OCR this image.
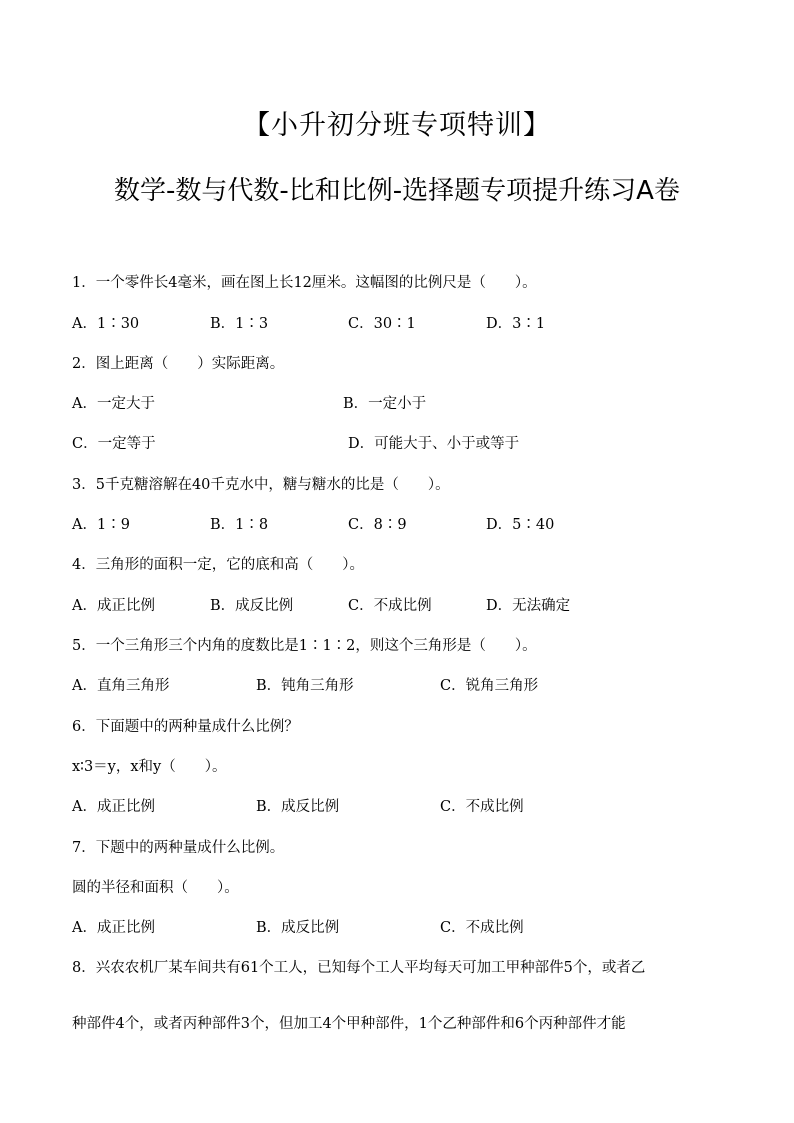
【小升初分班专项特训】
数学-数与代数-比和比例-选择题专项提升练习A卷
1．一个零件长4毫米，画在图上长12厘米。这幅图的比例尺是（　　）。
A．1∶30	B．1∶3	C．30∶1	D．3∶1
2．图上距离（　　）实际距离。
A．一定大于	B．一定小于
C．一定等于	D．可能大于、小于或等于
3．5千克糖溶解在40千克水中，糖与糖水的比是（　　）。
A．1∶9	B．1∶8	C．8∶9	D．5∶40
4．三角形的面积一定，它的底和高（　　）。
A．成正比例	B．成反比例	C．不成比例	D．无法确定
5．一个三角形三个内角的度数比是1∶1∶2，则这个三角形是（　　）。
A．直角三角形	B．钝角三角形	C．锐角三角形
6．下面题中的两种量成什么比例？
x∶3＝y，x和y（　　）。
A．成正比例	B．成反比例	C．不成比例
7．下题中的两种量成什么比例。
圆的半径和面积（　　）。
A．成正比例	B．成反比例	C．不成比例
8．兴农农机厂某车间共有61个工人，已知每个工人平均每天可加工甲种部件5个，或者乙
种部件4个，或者丙种部件3个，但加工4个甲种部件，1个乙种部件和6个丙种部件才能
